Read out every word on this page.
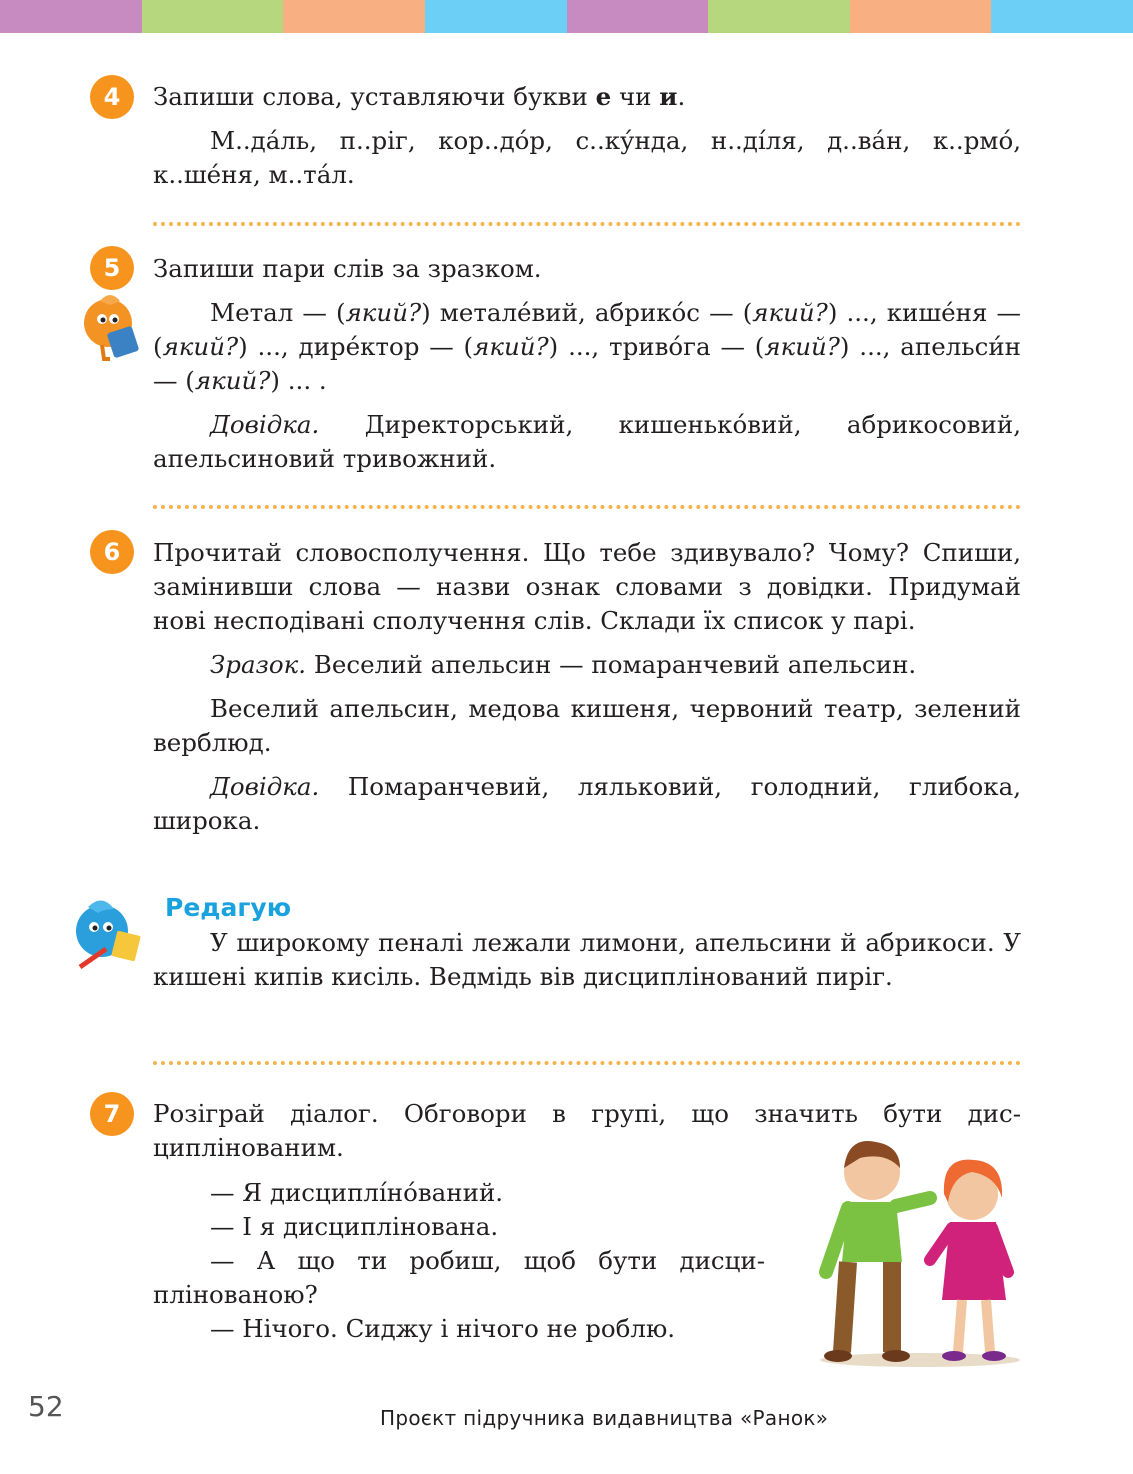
4	Запиши слова, уставляючи букви е чи и.

М..да́ль, п..ріг, кор..до́р, с..ку́нда, н..ді́ля, д..ва́н, к..рмо́, к..ше́ня, м..та́л.

5	Запиши пари слів за зразком.

Метал — (який?) метале́вий, абрико́с — (який?) ..., кише́ня — (який?) ..., дире́ктор — (який?) ..., триво́га — (який?) ..., апельси́н — (який?) ... .

Довідка. Директорський, кишенько́вий, абрикосовий, апельсиновий тривожний.

6	Прочитай словосполучення. Що тебе здивувало? Чому? Спиши, замінивши слова — назви ознак словами з довідки. Придумай нові несподівані сполучення слів. Склади їх список у парі.

Зразок. Веселий апельсин — помаранчевий апельсин.

Веселий апельсин, медова кишеня, червоний театр, зелений верблюд.

Довідка. Помаранчевий, ляльковий, голодний, глибока, широка.

Редагую

У широкому пеналі лежали лимони, апельсини й абрикоси. У кишені кипів кисіль. Ведмідь вів дисциплінований пиріг.

7	Розіграй діалог. Обговори в групі, що значить бути дисциплінованим.

— Я дисциплі́но́ваний.

— І я дисциплінована.

— А що ти робиш, щоб бути дисциплінованою?

— Нічого. Сиджу і нічого не роблю.

52	Проєкт підручника видавництва «Ранок»
